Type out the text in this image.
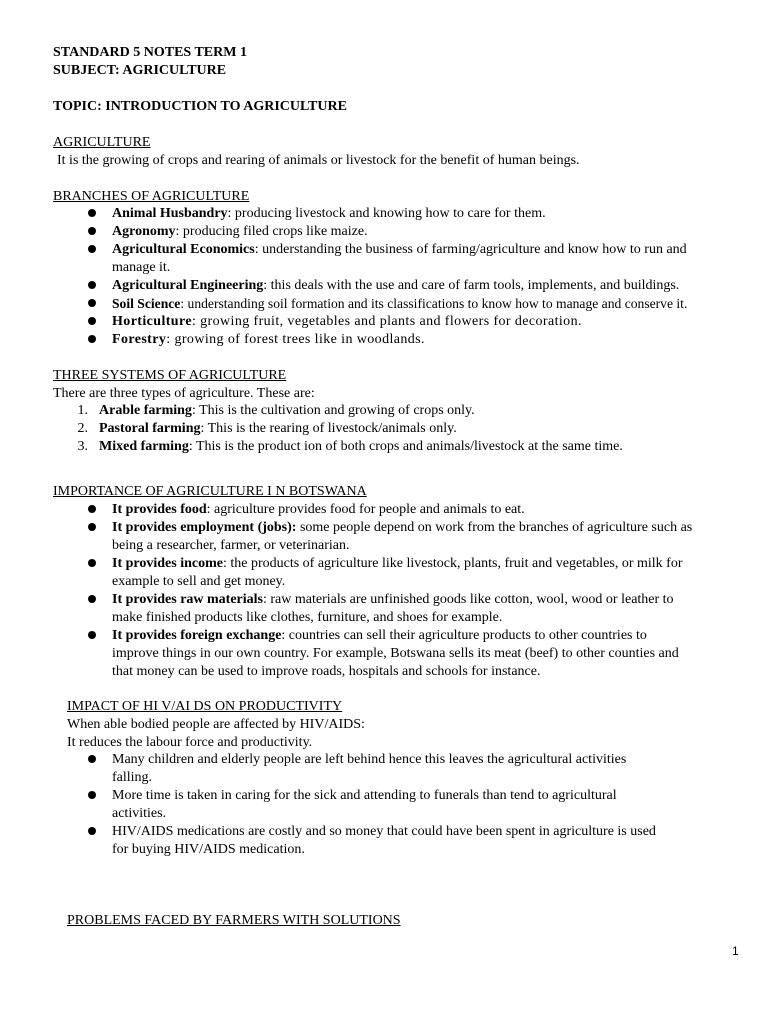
STANDARD 5 NOTES TERM 1
SUBJECT: AGRICULTURE
TOPIC: INTRODUCTION TO AGRICULTURE
AGRICULTURE
It is the growing of crops and rearing of animals or livestock for the benefit of human beings.
BRANCHES OF AGRICULTURE
Animal Husbandry: producing livestock and knowing how to care for them.
Agronomy: producing filed crops like maize.
Agricultural Economics: understanding the business of farming/agriculture and know how to run and
manage it.
Agricultural Engineering: this deals with the use and care of farm tools, implements, and buildings.
Soil Science: understanding soil formation and its classifications to know how to manage and conserve it.
Horticulture: growing fruit, vegetables and plants and flowers for decoration.
Forestry: growing of forest trees like in woodlands.
THREE SYSTEMS OF AGRICULTURE
There are three types of agriculture. These are:
1. Arable farming: This is the cultivation and growing of crops only.
2. Pastoral farming: This is the rearing of livestock/animals only.
3. Mixed farming: This is the product ion of both crops and animals/livestock at the same time.
IMPORTANCE OF AGRICULTURE I N BOTSWANA
It provides food: agriculture provides food for people and animals to eat.
It provides employment (jobs): some people depend on work from the branches of agriculture such as
being a researcher, farmer, or veterinarian.
It provides income: the products of agriculture like livestock, plants, fruit and vegetables, or milk for
example to sell and get money.
It provides raw materials: raw materials are unfinished goods like cotton, wool, wood or leather to
make finished products like clothes, furniture, and shoes for example.
It provides foreign exchange: countries can sell their agriculture products to other countries to
improve things in our own country. For example, Botswana sells its meat (beef) to other counties and
that money can be used to improve roads, hospitals and schools for instance.
IMPACT OF HI V/AI DS ON PRODUCTIVITY
When able bodied people are affected by HIV/AIDS:
It reduces the labour force and productivity.
Many children and elderly people are left behind hence this leaves the agricultural activities
falling.
More time is taken in caring for the sick and attending to funerals than tend to agricultural
activities.
HIV/AIDS medications are costly and so money that could have been spent in agriculture is used
for buying HIV/AIDS medication.
PROBLEMS FACED BY FARMERS WITH SOLUTIONS
1
